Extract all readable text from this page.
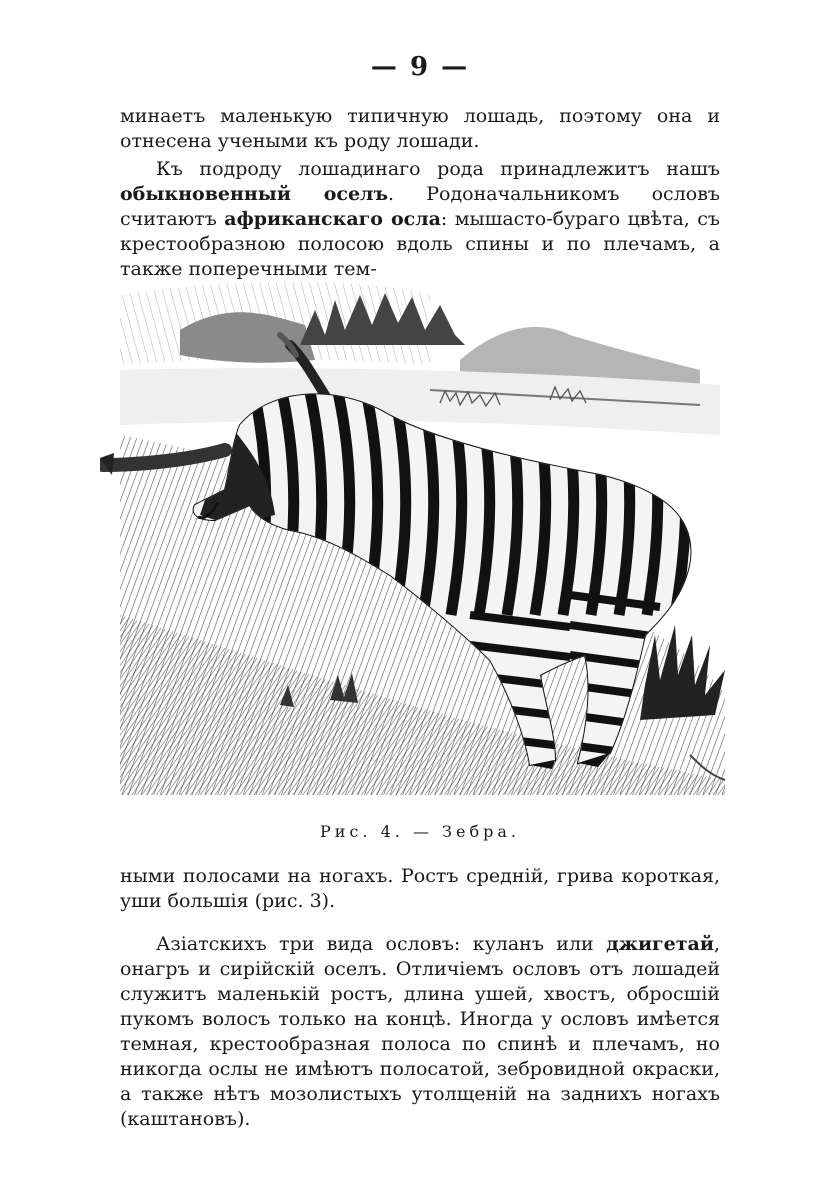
— 9 —

минаетъ маленькую типичную лошадь, поэтому она и отнесена учеными къ роду лошади.

Къ подроду лошадинаго рода принадлежитъ нашъ обыкновенный оселъ. Родоначальникомъ ословъ считаютъ африканскаго осла: мышасто-бураго цвѣта, съ крестообразною полосою вдоль спины и по плечамъ, а также поперечными тем-

Рис. 4. — Зебра.

ными полосами на ногахъ. Ростъ средній, грива короткая, уши большія (рис. 3).

Азіатскихъ три вида ословъ: куланъ или джигетай, онагръ и сирійскій оселъ. Отличіемъ ословъ отъ лошадей служитъ маленькій ростъ, длина ушей, хвостъ, обросшій пукомъ волосъ только на концѣ. Иногда у ословъ имѣется темная, крестообразная полоса по спинѣ и плечамъ, но никогда ослы не имѣютъ полосатой, зебровидной окраски, а также нѣтъ мозолистыхъ утолщеній на заднихъ ногахъ (каштановъ).
